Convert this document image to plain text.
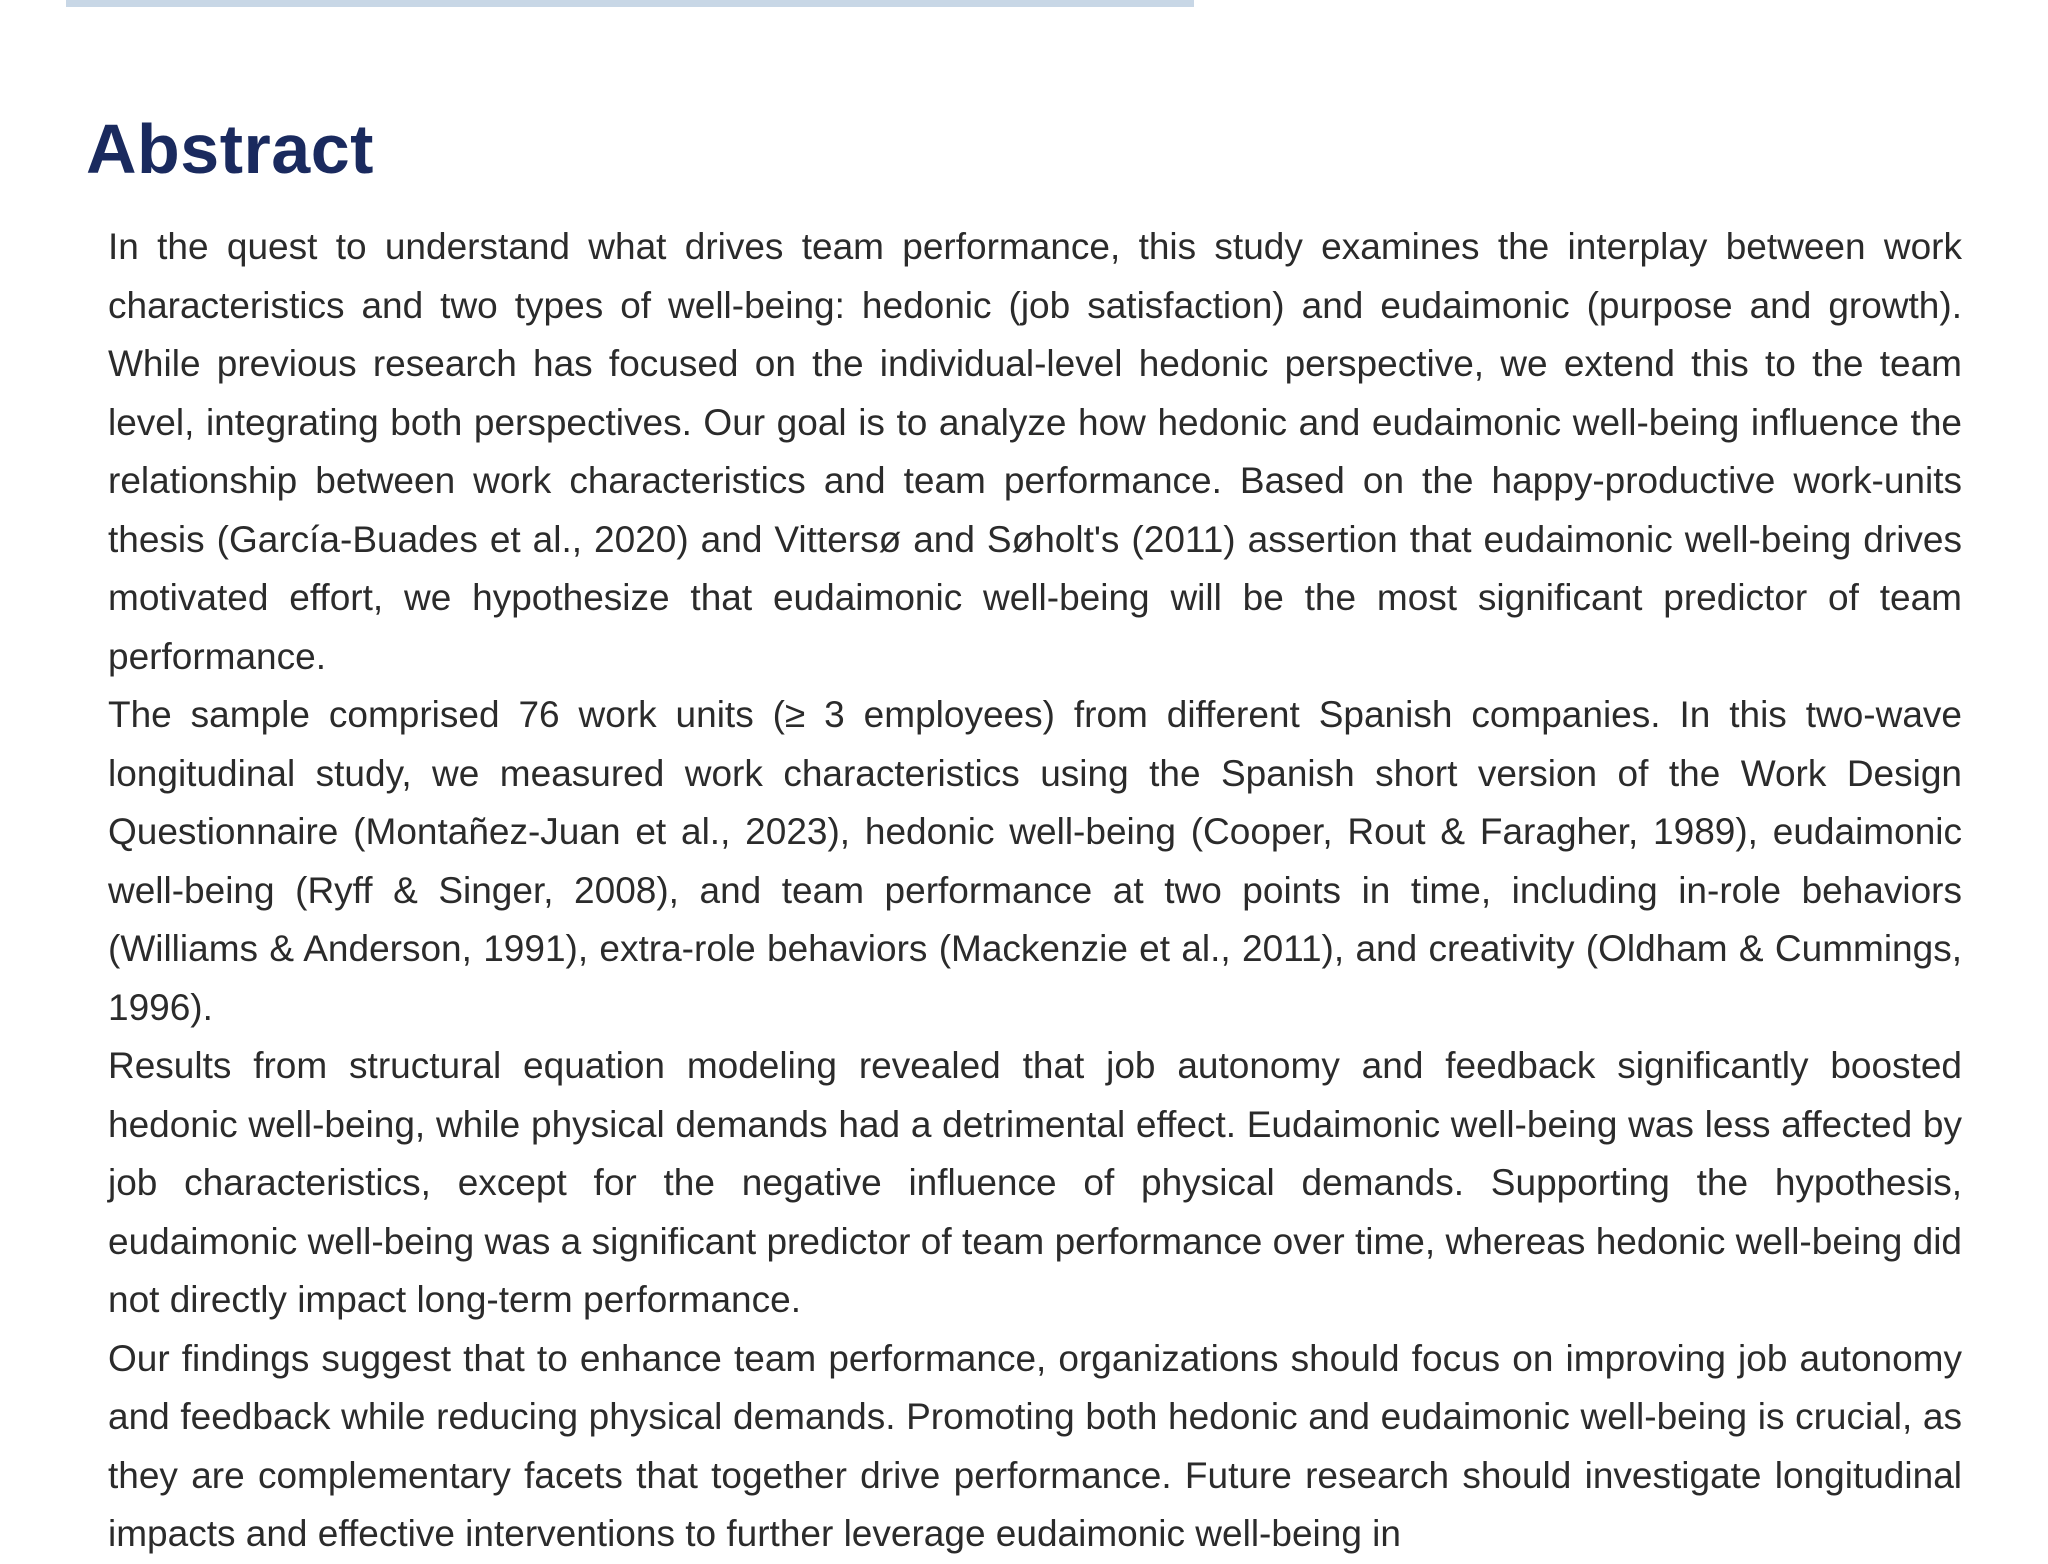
Abstract

In the quest to understand what drives team performance, this study examines the interplay between work characteristics and two types of well-being: hedonic (job satisfaction) and eudaimonic (purpose and growth). While previous research has focused on the individual-level hedonic perspective, we extend this to the team level, integrating both perspectives. Our goal is to analyze how hedonic and eudaimonic well-being influence the relationship between work characteristics and team performance. Based on the happy-productive work-units thesis (García-Buades et al., 2020) and Vittersø and Søholt's (2011) assertion that eudaimonic well-being drives motivated effort, we hypothesize that eudaimonic well-being will be the most significant predictor of team performance.

The sample comprised 76 work units (≥ 3 employees) from different Spanish companies. In this two-wave longitudinal study, we measured work characteristics using the Spanish short version of the Work Design Questionnaire (Montañez-Juan et al., 2023), hedonic well-being (Cooper, Rout & Faragher, 1989), eudaimonic well-being (Ryff & Singer, 2008), and team performance at two points in time, including in-role behaviors (Williams & Anderson, 1991), extra-role behaviors (Mackenzie et al., 2011), and creativity (Oldham & Cummings, 1996).

Results from structural equation modeling revealed that job autonomy and feedback significantly boosted hedonic well-being, while physical demands had a detrimental effect. Eudaimonic well-being was less affected by job characteristics, except for the negative influence of physical demands. Supporting the hypothesis, eudaimonic well-being was a significant predictor of team performance over time, whereas hedonic well-being did not directly impact long-term performance.

Our findings suggest that to enhance team performance, organizations should focus on improving job autonomy and feedback while reducing physical demands. Promoting both hedonic and eudaimonic well-being is crucial, as they are complementary facets that together drive performance. Future research should investigate longitudinal impacts and effective interventions to further leverage eudaimonic well-being in
